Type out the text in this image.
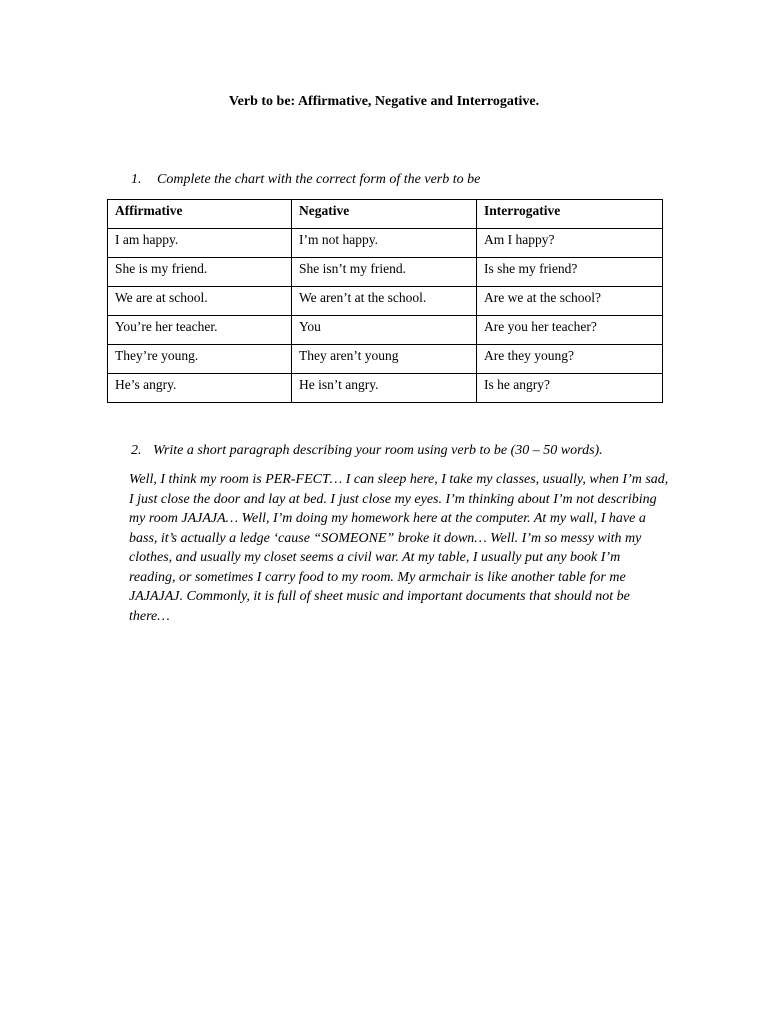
Verb to be: Affirmative, Negative and Interrogative.
1. Complete the chart with the correct form of the verb to be
Affirmative	Negative	Interrogative
I am happy.	I’m not happy.	Am I happy?
She is my friend.	She isn’t my friend.	Is she my friend?
We are at school.	We aren’t at the school.	Are we at the school?
You’re her teacher.	You	Are you her teacher?
They’re young.	They aren’t young	Are they young?
He’s angry.	He isn’t angry.	Is he angry?
2. Write a short paragraph describing your room using verb to be (30 – 50 words).

Well, I think my room is PER-FECT… I can sleep here, I take my classes, usually, when I’m sad, I just close the door and lay at bed. I just close my eyes. I’m thinking about I’m not describing my room JAJAJA… Well, I’m doing my homework here at the computer. At my wall, I have a bass, it’s actually a ledge ‘cause “SOMEONE” broke it down… Well. I’m so messy with my clothes, and usually my closet seems a civil war. At my table, I usually put any book I’m reading, or sometimes I carry food to my room. My armchair is like another table for me JAJAJAJ. Commonly, it is full of sheet music and important documents that should not be there…
